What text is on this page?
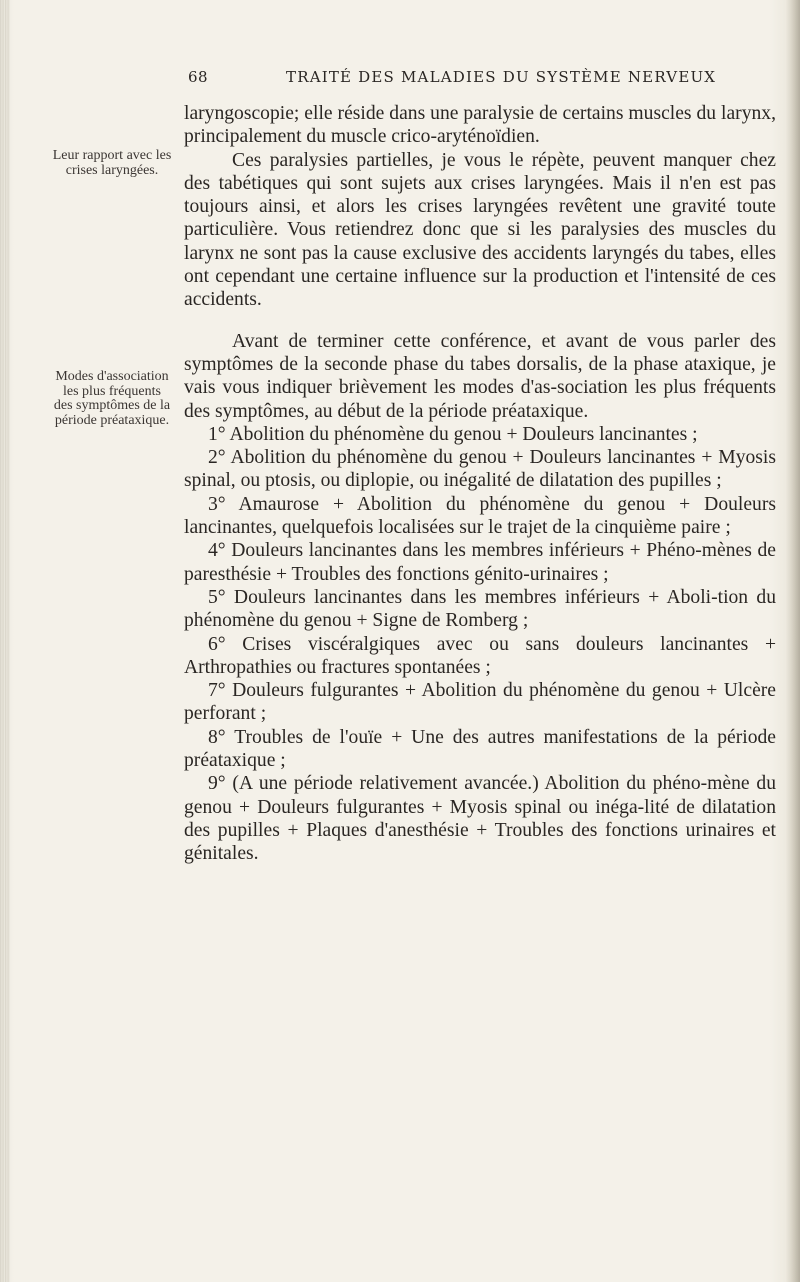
68	TRAITÉ DES MALADIES DU SYSTÈME NERVEUX
Leur rapport avec les crises laryngées.
Modes d'association les plus fréquents des symptômes de la période préataxique.

laryngoscopie; elle réside dans une paralysie de certains muscles du larynx, principalement du muscle crico-aryténoïdien.

Ces paralysies partielles, je vous le répète, peuvent manquer chez des tabétiques qui sont sujets aux crises laryngées. Mais il n'en est pas toujours ainsi, et alors les crises laryngées revêtent une gravité toute particulière. Vous retiendrez donc que si les paralysies des muscles du larynx ne sont pas la cause exclusive des accidents laryngés du tabes, elles ont cependant une certaine influence sur la production et l'intensité de ces accidents.

Avant de terminer cette conférence, et avant de vous parler des symptômes de la seconde phase du tabes dorsalis, de la phase ataxique, je vais vous indiquer brièvement les modes d'as-sociation les plus fréquents des symptômes, au début de la période préataxique.

1° Abolition du phénomène du genou + Douleurs lancinantes ;

2° Abolition du phénomène du genou + Douleurs lancinantes + Myosis spinal, ou ptosis, ou diplopie, ou inégalité de dilatation des pupilles ;

3° Amaurose + Abolition du phénomène du genou + Douleurs lancinantes, quelquefois localisées sur le trajet de la cinquième paire ;

4° Douleurs lancinantes dans les membres inférieurs + Phéno-mènes de paresthésie + Troubles des fonctions génito-urinaires ;

5° Douleurs lancinantes dans les membres inférieurs + Aboli-tion du phénomène du genou + Signe de Romberg ;

6° Crises viscéralgiques avec ou sans douleurs lancinantes + Arthropathies ou fractures spontanées ;

7° Douleurs fulgurantes + Abolition du phénomène du genou + Ulcère perforant ;

8° Troubles de l'ouïe + Une des autres manifestations de la période préataxique ;

9° (A une période relativement avancée.) Abolition du phéno-mène du genou + Douleurs fulgurantes + Myosis spinal ou inéga-lité de dilatation des pupilles + Plaques d'anesthésie + Troubles des fonctions urinaires et génitales.
